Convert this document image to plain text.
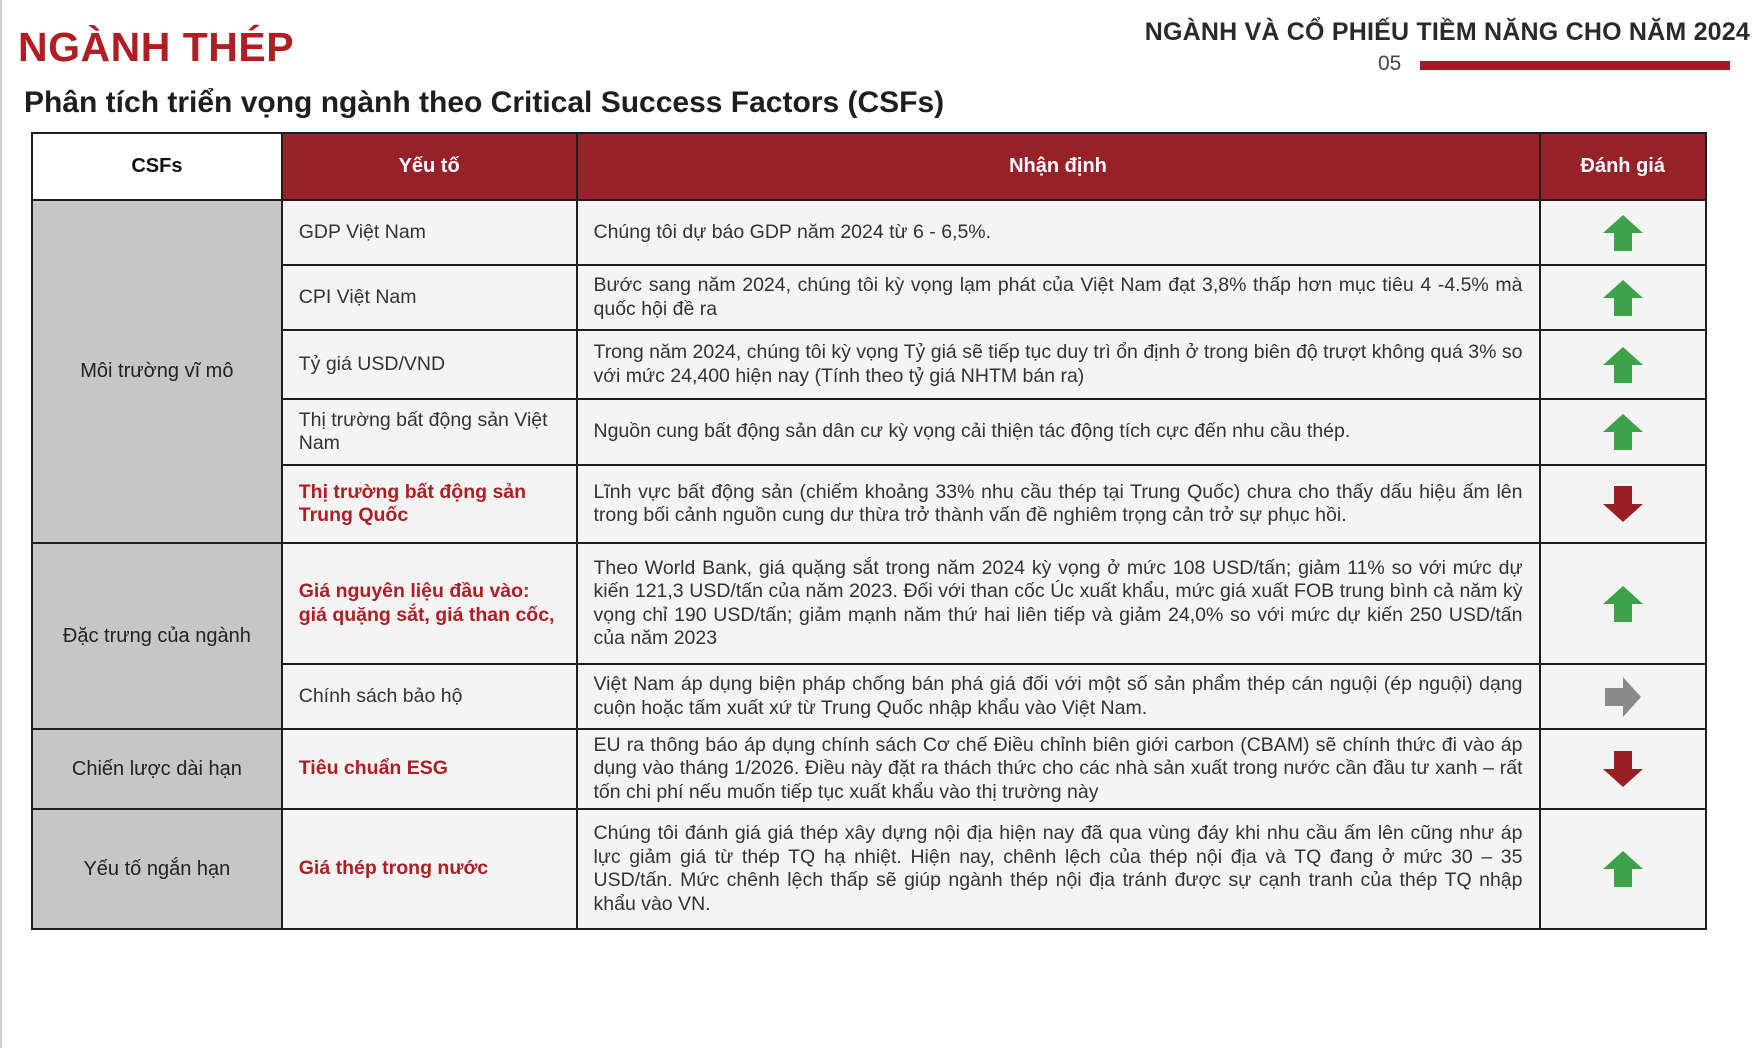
NGÀNH THÉP	NGÀNH VÀ CỔ PHIẾU TIỀM NĂNG CHO NĂM 2024
05
Phân tích triển vọng ngành theo Critical Success Factors (CSFs)
CSFs	Yếu tố	Nhận định	Đánh giá
Môi trường vĩ mô	GDP Việt Nam	Chúng tôi dự báo GDP năm 2024 từ 6 - 6,5%.	
	CPI Việt Nam	Bước sang năm 2024, chúng tôi kỳ vọng lạm phát của Việt Nam đạt 3,8% thấp hơn mục tiêu 4 -4.5% mà quốc hội đề ra	
	Tỷ giá USD/VND	Trong năm 2024, chúng tôi kỳ vọng Tỷ giá sẽ tiếp tục duy trì ổn định ở trong biên độ trượt không quá 3% so với mức 24,400 hiện nay (Tính theo tỷ giá NHTM bán ra)	
	Thị trường bất động sản Việt Nam	Nguồn cung bất động sản dân cư kỳ vọng cải thiện tác động tích cực đến nhu cầu thép.	
	Thị trường bất động sản Trung Quốc	Lĩnh vực bất động sản (chiếm khoảng 33% nhu cầu thép tại Trung Quốc) chưa cho thấy dấu hiệu ấm lên trong bối cảnh nguồn cung dư thừa trở thành vấn đề nghiêm trọng cản trở sự phục hồi.	
Đặc trưng của ngành	Giá nguyên liệu đầu vào: giá quặng sắt, giá than cốc,	Theo World Bank, giá quặng sắt trong năm 2024 kỳ vọng ở mức 108 USD/tấn; giảm 11% so với mức dự kiến 121,3 USD/tấn của năm 2023. Đối với than cốc Úc xuất khẩu, mức giá xuất FOB trung bình cả năm kỳ vọng chỉ 190 USD/tấn; giảm mạnh năm thứ hai liên tiếp và giảm 24,0% so với mức dự kiến 250 USD/tấn của năm 2023	
	Chính sách bảo hộ	Việt Nam áp dụng biện pháp chống bán phá giá đối với một số sản phẩm thép cán nguội (ép nguội) dạng cuộn hoặc tấm xuất xứ từ Trung Quốc nhập khẩu vào Việt Nam.	
Chiến lược dài hạn	Tiêu chuẩn ESG	EU ra thông báo áp dụng chính sách Cơ chế Điều chỉnh biên giới carbon (CBAM) sẽ chính thức đi vào áp dụng vào tháng 1/2026. Điều này đặt ra thách thức cho các nhà sản xuất trong nước cần đầu tư xanh – rất tốn chi phí nếu muốn tiếp tục xuất khẩu vào thị trường này	
Yếu tố ngắn hạn	Giá thép trong nước	Chúng tôi đánh giá giá thép xây dựng nội địa hiện nay đã qua vùng đáy khi nhu cầu ấm lên cũng như áp lực giảm giá từ thép TQ hạ nhiệt. Hiện nay, chênh lệch của thép nội địa và TQ đang ở mức 30 – 35 USD/tấn. Mức chênh lệch thấp sẽ giúp ngành thép nội địa tránh được sự cạnh tranh của thép TQ nhập khẩu vào VN.	
